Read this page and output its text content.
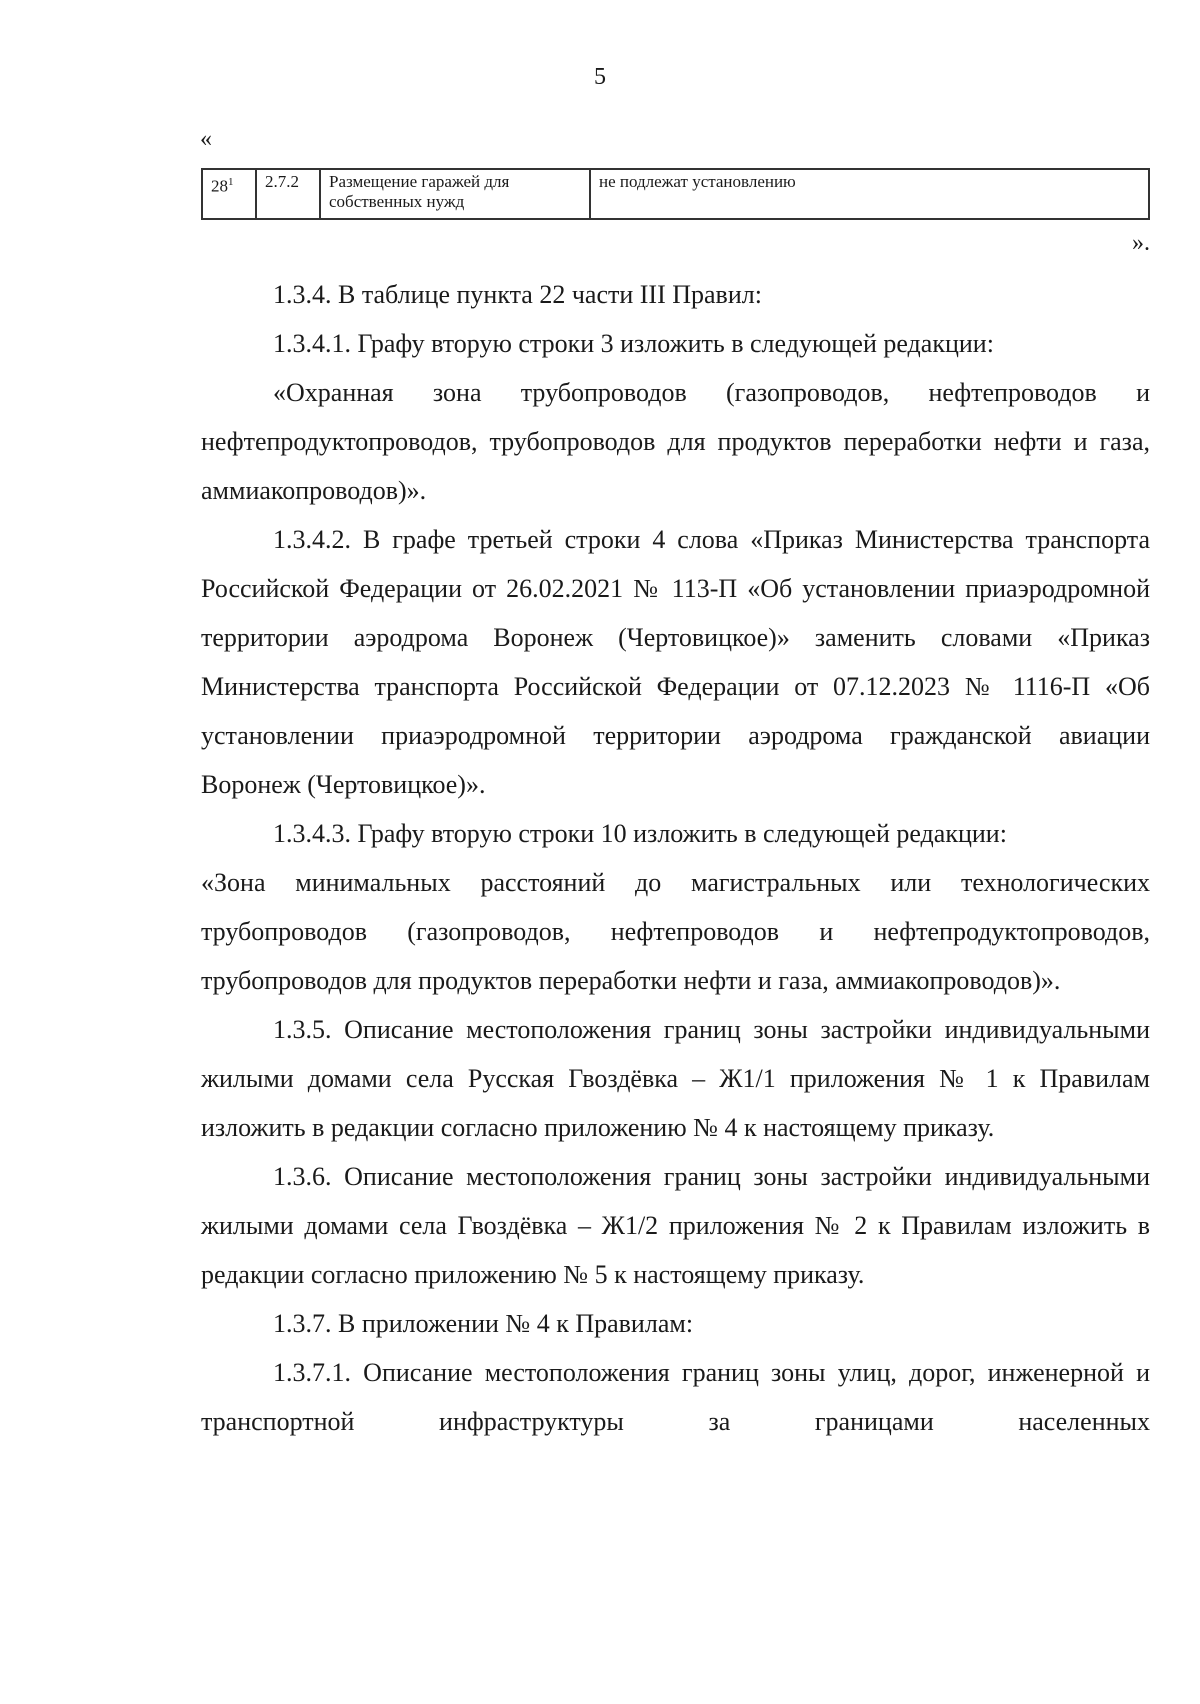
5
«
$28^1$	2.7.2	Размещение гаражей для собственных нужд	не подлежат установлению
».

1.3.4. В таблице пункта 22 части III Правил:

1.3.4.1. Графу вторую строки 3 изложить в следующей редакции:

«Охранная зона трубопроводов (газопроводов, нефтепроводов и нефтепродуктопроводов, трубопроводов для продуктов переработки нефти и газа, аммиакопроводов)».

1.3.4.2. В графе третьей строки 4 слова «Приказ Министерства транспорта Российской Федерации от 26.02.2021 № 113-П «Об установлении приаэродромной территории аэродрома Воронеж (Чертовицкое)» заменить словами «Приказ Министерства транспорта Российской Федерации от 07.12.2023 № 1116-П «Об установлении приаэродромной территории аэродрома гражданской авиации Воронеж (Чертовицкое)».

1.3.4.3. Графу вторую строки 10 изложить в следующей редакции:

«Зона минимальных расстояний до магистральных или технологических трубопроводов (газопроводов, нефтепроводов и нефтепродуктопроводов, трубопроводов для продуктов переработки нефти и газа, аммиакопроводов)».

1.3.5. Описание местоположения границ зоны застройки индивидуальными жилыми домами села Русская Гвоздёвка – Ж1/1 приложения № 1 к Правилам изложить в редакции согласно приложению № 4 к настоящему приказу.

1.3.6. Описание местоположения границ зоны застройки индивидуальными жилыми домами села Гвоздёвка – Ж1/2 приложения № 2 к Правилам изложить в редакции согласно приложению № 5 к настоящему приказу.

1.3.7. В приложении № 4 к Правилам:

1.3.7.1. Описание местоположения границ зоны улиц, дорог, инженерной и транспортной инфраструктуры за границами населенных
